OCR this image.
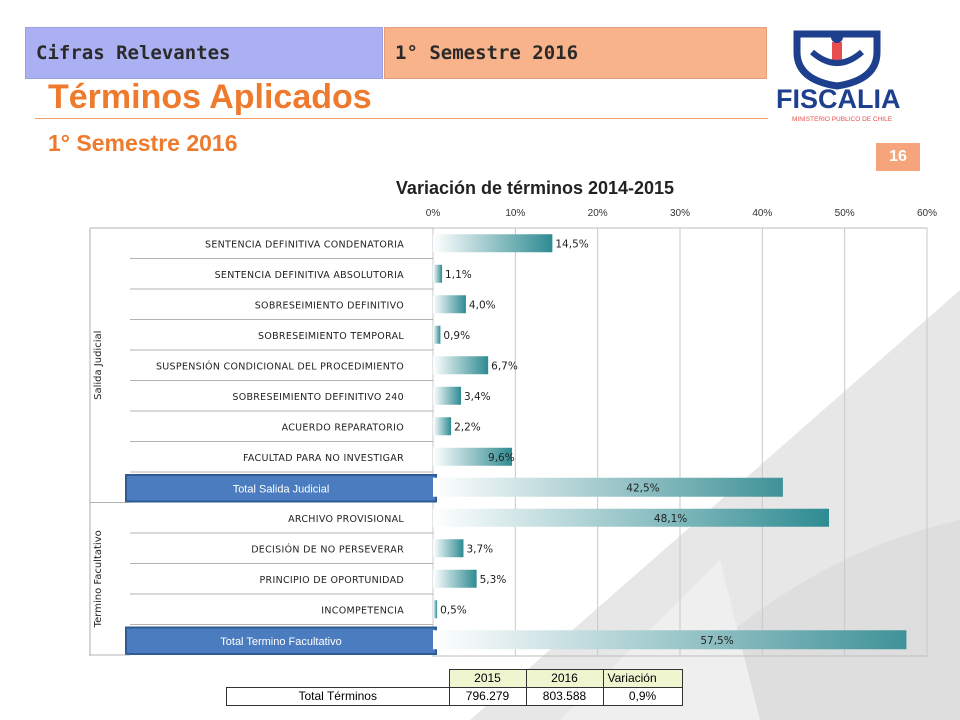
Cifras Relevantes	1° Semestre 2016
Términos Aplicados
1° Semestre 2016
16
FISCALIA
MINISTERIO PUBLICO DE CHILE
Variación de términos 2014-2015
0%	10%	20%	30%	40%	50%	60%
SENTENCIA DEFINITIVA CONDENATORIA
SENTENCIA DEFINITIVA ABSOLUTORIA
SOBRESEIMIENTO DEFINITIVO
SOBRESEIMIENTO TEMPORAL
SUSPENSIÓN CONDICIONAL DEL PROCEDIMIENTO
SOBRESEIMIENTO DEFINITIVO 240
ACUERDO REPARATORIO
FACULTAD PARA NO INVESTIGAR
Total Salida Judicial
Salida Judicial
ARCHIVO PROVISIONAL
DECISIÓN DE NO PERSEVERAR
PRINCIPIO DE OPORTUNIDAD
INCOMPETENCIA
Total Termino Facultativo
Termino Facultativo
14,5%
1,1%
4,0%
0,9%
6,7%
3,4%
2,2%
9,6%
42,5%
48,1%
3,7%
5,3%
0,5%
57,5%
	2015	2016	Variación
Total Términos	796.279	803.588	0,9%
